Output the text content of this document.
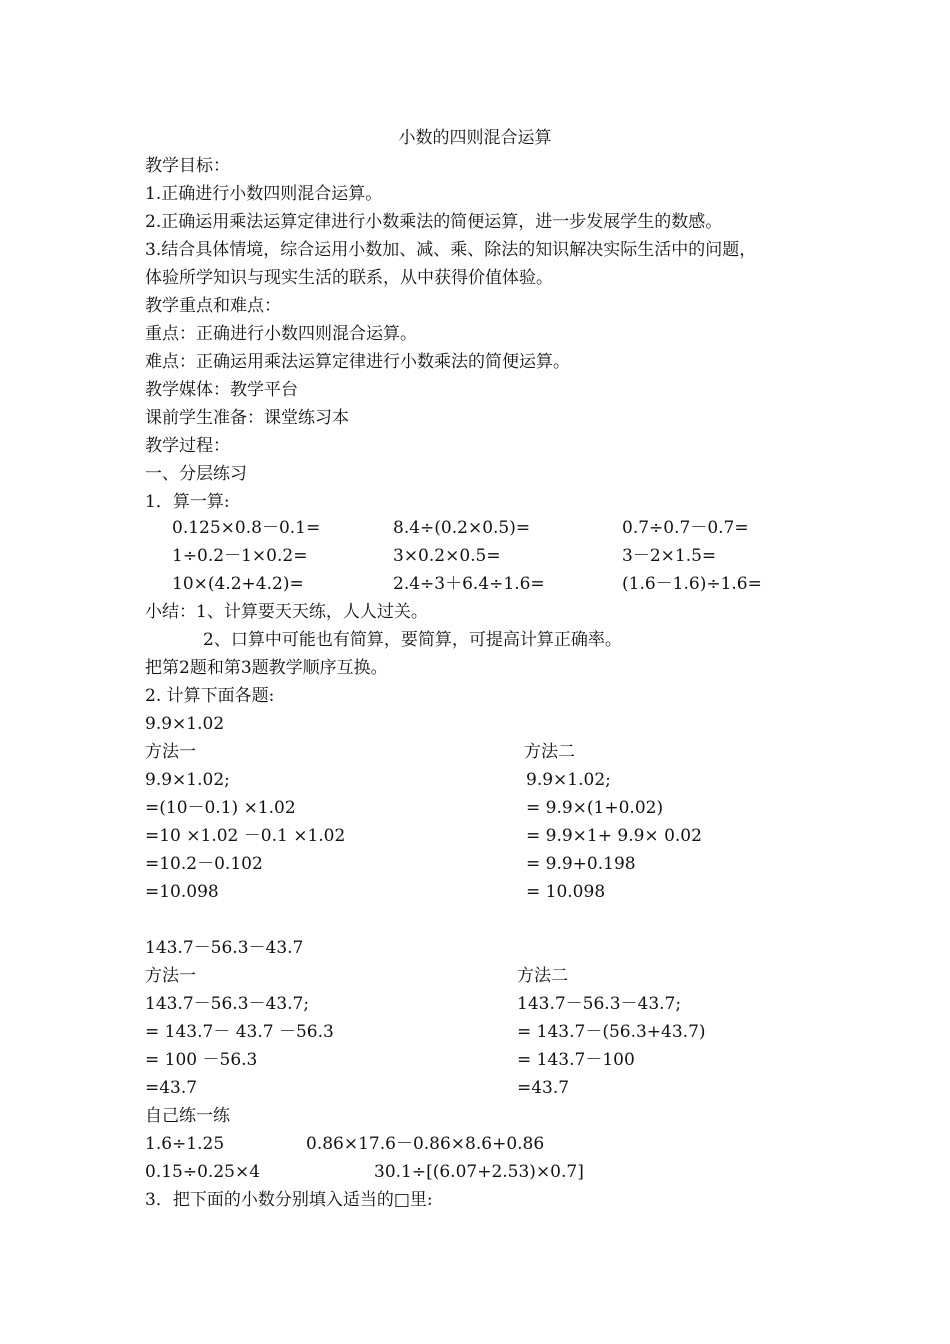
小数的四则混合运算
教学目标：
1.正确进行小数四则混合运算。
2.正确运用乘法运算定律进行小数乘法的简便运算，进一步发展学生的数感。
3.结合具体情境，综合运用小数加、减、乘、除法的知识解决实际生活中的问题，
体验所学知识与现实生活的联系，从中获得价值体验。
教学重点和难点：
重点：正确进行小数四则混合运算。
难点：正确运用乘法运算定律进行小数乘法的简便运算。
教学媒体：教学平台
课前学生准备：课堂练习本
教学过程：
一、分层练习
1．算一算:
0.125×0.8－0.1=	8.4÷(0.2×0.5)=	0.7÷0.7－0.7=
1÷0.2－1×0.2=	3×0.2×0.5=	3－2×1.5=
10×(4.2+4.2)=	2.4÷3＋6.4÷1.6=	(1.6－1.6)÷1.6=
小结：1、计算要天天练，人人过关。
2、口算中可能也有简算，要简算，可提高计算正确率。
把第2题和第3题教学顺序互换。
2. 计算下面各题:
9.9×1.02
方法一	方法二
9.9×1.02;	9.9×1.02;
=(10－0.1) ×1.02	= 9.9×(1+0.02)
=10 ×1.02 －0.1 ×1.02	= 9.9×1+ 9.9× 0.02
=10.2－0.102	= 9.9+0.198
=10.098	= 10.098
143.7－56.3－43.7
方法一	方法二
143.7－56.3－43.7;	143.7－56.3－43.7;
= 143.7－ 43.7 －56.3	= 143.7－(56.3+43.7)
= 100 －56.3	= 143.7－100
=43.7	=43.7
自己练一练
1.6÷1.25	0.86×17.6－0.86×8.6+0.86
0.15÷0.25×4	30.1÷[(6.07+2.53)×0.7]
3．把下面的小数分别填入适当的□里:
